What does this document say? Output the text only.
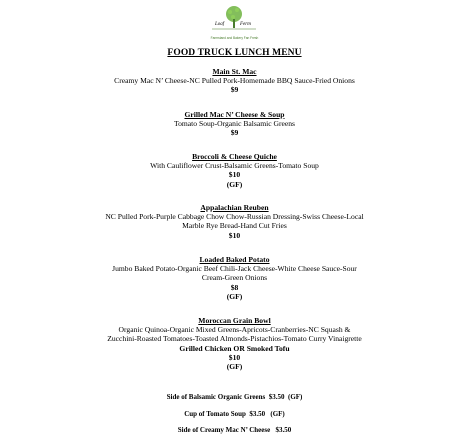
Loaf	Ferm
Farmstand and Bakery Fan Fresh
FOOD TRUCK LUNCH MENU
Main St. Mac
Creamy Mac N’ Cheese-NC Pulled Pork-Homemade BBQ Sauce-Fried Onions
$9
Grilled Mac N’ Cheese & Soup
Tomato Soup-Organic Balsamic Greens
$9
Broccoli & Cheese Quiche
With Cauliflower Crust-Balsamic Greens-Tomato Soup
$10
(GF)
Appalachian Reuben
NC Pulled Pork-Purple Cabbage Chow Chow-Russian Dressing-Swiss Cheese-Local
Marble Rye Bread-Hand Cut Fries
$10
Loaded Baked Potato
Jumbo Baked Potato-Organic Beef Chili-Jack Cheese-White Cheese Sauce-Sour
Cream-Green Onions
$8
(GF)
Moroccan Grain Bowl
Organic Quinoa-Organic Mixed Greens-Apricots-Cranberries-NC Squash &
Zucchini-Roasted Tomatoes-Toasted Almonds-Pistachios-Tomato Curry Vinaigrette
Grilled Chicken OR Smoked Tofu
$10
(GF)
Side of Balsamic Organic Greens  $3.50  (GF)
Cup of Tomato Soup  $3.50   (GF)
Side of Creamy Mac N’ Cheese   $3.50
